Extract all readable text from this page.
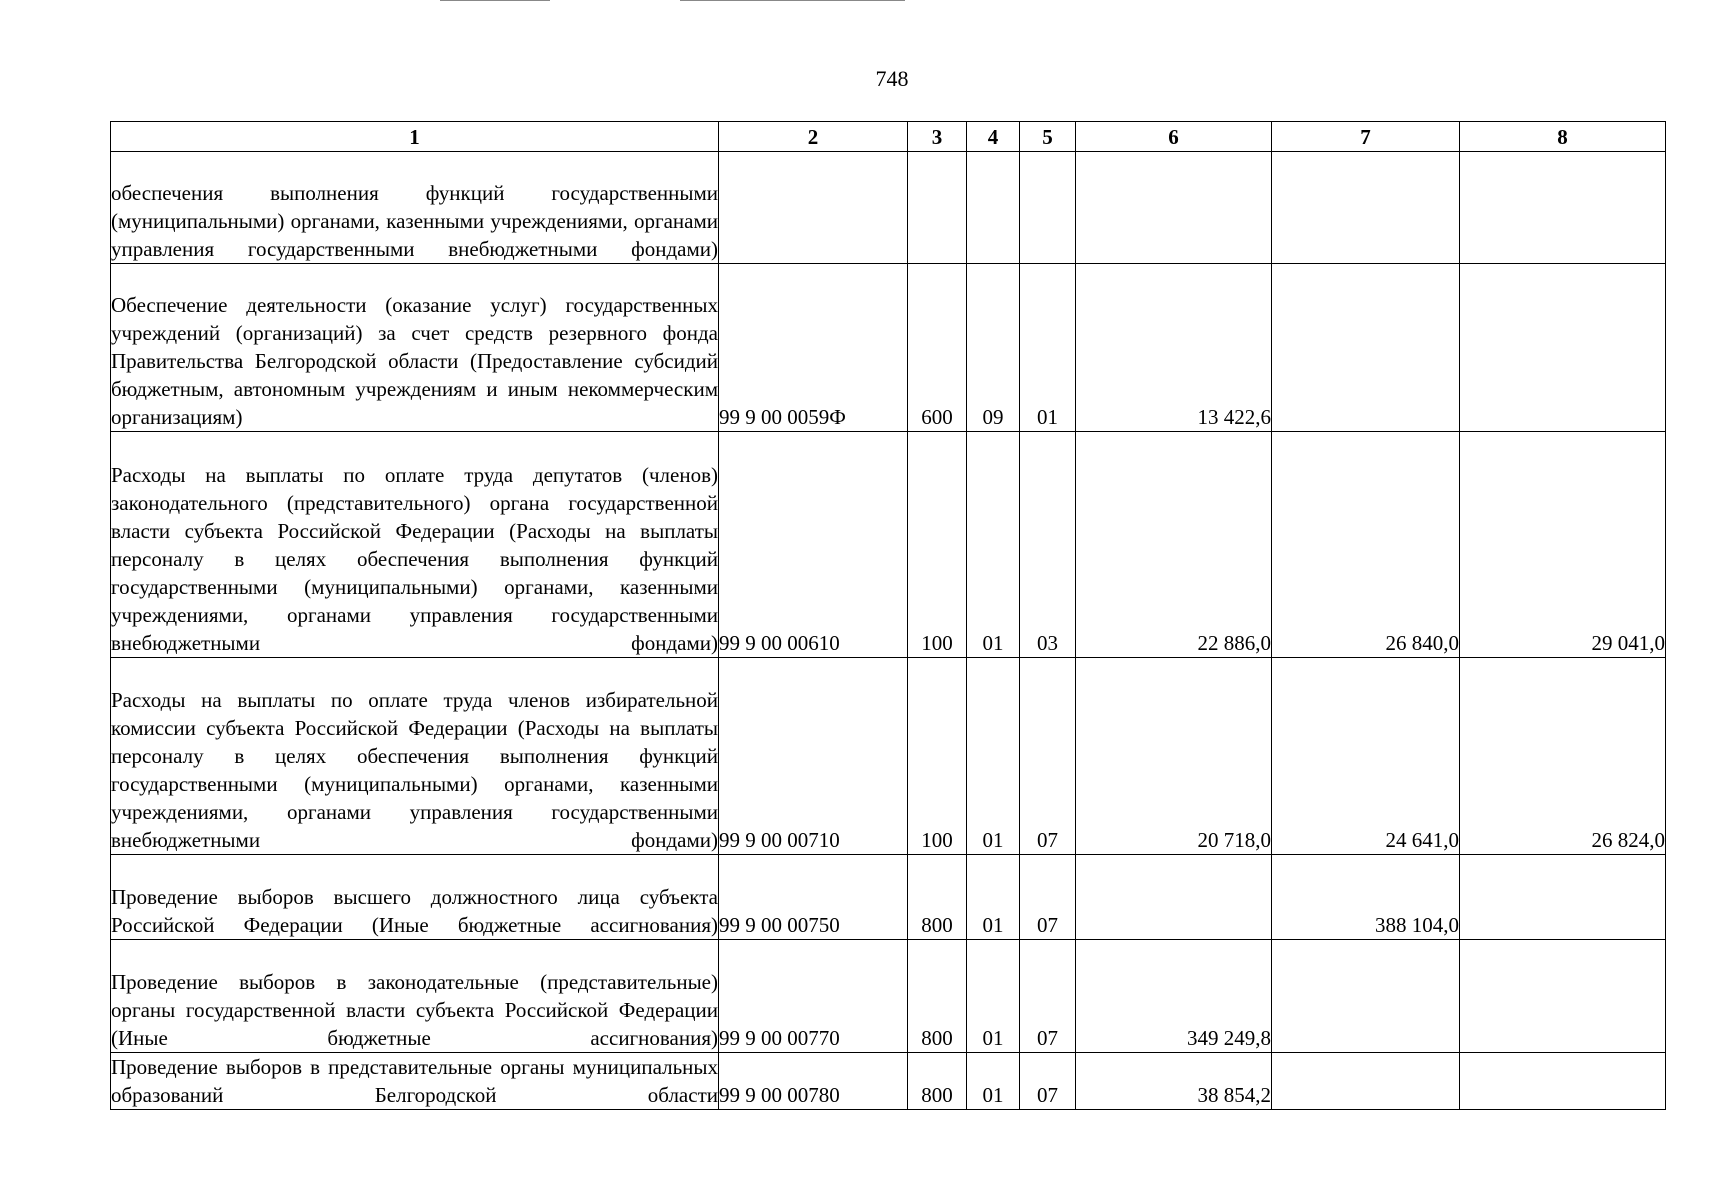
748
1	2	3	4	5	6	7	8
обеспечения выполнения функций государственными (муниципальными) органами, казенными учреждениями, органами управления государственными внебюджетными фондами)							
Обеспечение деятельности (оказание услуг) государственных учреждений (организаций) за счет средств резервного фонда Правительства Белгородской области (Предоставление субсидий бюджетным, автономным учреждениям и иным некоммерческим организациям)	99 9 00 0059Ф	600	09	01	13 422,6		
Расходы на выплаты по оплате труда депутатов (членов) законодательного (представительного) органа государственной власти субъекта Российской Федерации (Расходы на выплаты персоналу в целях обеспечения выполнения функций государственными (муниципальными) органами, казенными учреждениями, органами управления государственными внебюджетными фондами)	99 9 00 00610	100	01	03	22 886,0	26 840,0	29 041,0
Расходы на выплаты по оплате труда членов избирательной комиссии субъекта Российской Федерации (Расходы на выплаты персоналу в целях обеспечения выполнения функций государственными (муниципальными) органами, казенными учреждениями, органами управления государственными внебюджетными фондами)	99 9 00 00710	100	01	07	20 718,0	24 641,0	26 824,0
Проведение выборов высшего должностного лица субъекта Российской Федерации (Иные бюджетные ассигнования)	99 9 00 00750	800	01	07		388 104,0	
Проведение выборов в законодательные (представительные) органы государственной власти субъекта Российской Федерации (Иные бюджетные ассигнования)	99 9 00 00770	800	01	07	349 249,8		
Проведение выборов в представительные органы муниципальных образований Белгородской области	99 9 00 00780	800	01	07	38 854,2		
